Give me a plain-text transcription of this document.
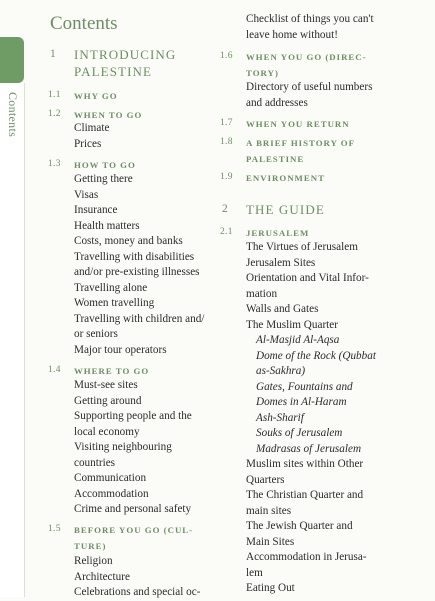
Contents
Contents
1 INTRODUCING
PALESTINE
1.1 WHY GO
1.2 WHEN TO GO
Climate
Prices
1.3 HOW TO GO
Getting there
Visas
Insurance
Health matters
Costs, money and banks
Travelling with disabilities
and/or pre-existing illnesses
Travelling alone
Women travelling
Travelling with children and/
or seniors
Major tour operators
1.4 WHERE TO GO
Must-see sites
Getting around
Supporting people and the
local economy
Visiting neighbouring
countries
Communication
Accommodation
Crime and personal safety
1.5 BEFORE YOU GO (CUL-
TURE)
Religion
Architecture
Celebrations and special oc-
Checklist of things you can't
leave home without!
1.6 WHEN YOU GO (DIREC-
TORY)
Directory of useful numbers
and addresses
1.7 WHEN YOU RETURN
1.8 A BRIEF HISTORY OF
PALESTINE
1.9 ENVIRONMENT
2 THE GUIDE
2.1 JERUSALEM
The Virtues of Jerusalem
Jerusalem Sites
Orientation and Vital Infor-
mation
Walls and Gates
The Muslim Quarter
Al-Masjid Al-Aqsa
Dome of the Rock (Qubbat
as-Sakhra)
Gates, Fountains and
Domes in Al-Haram
Ash-Sharif
Souks of Jerusalem
Madrasas of Jerusalem
Muslim sites within Other
Quarters
The Christian Quarter and
main sites
The Jewish Quarter and
Main Sites
Accommodation in Jerusa-
lem
Eating Out
